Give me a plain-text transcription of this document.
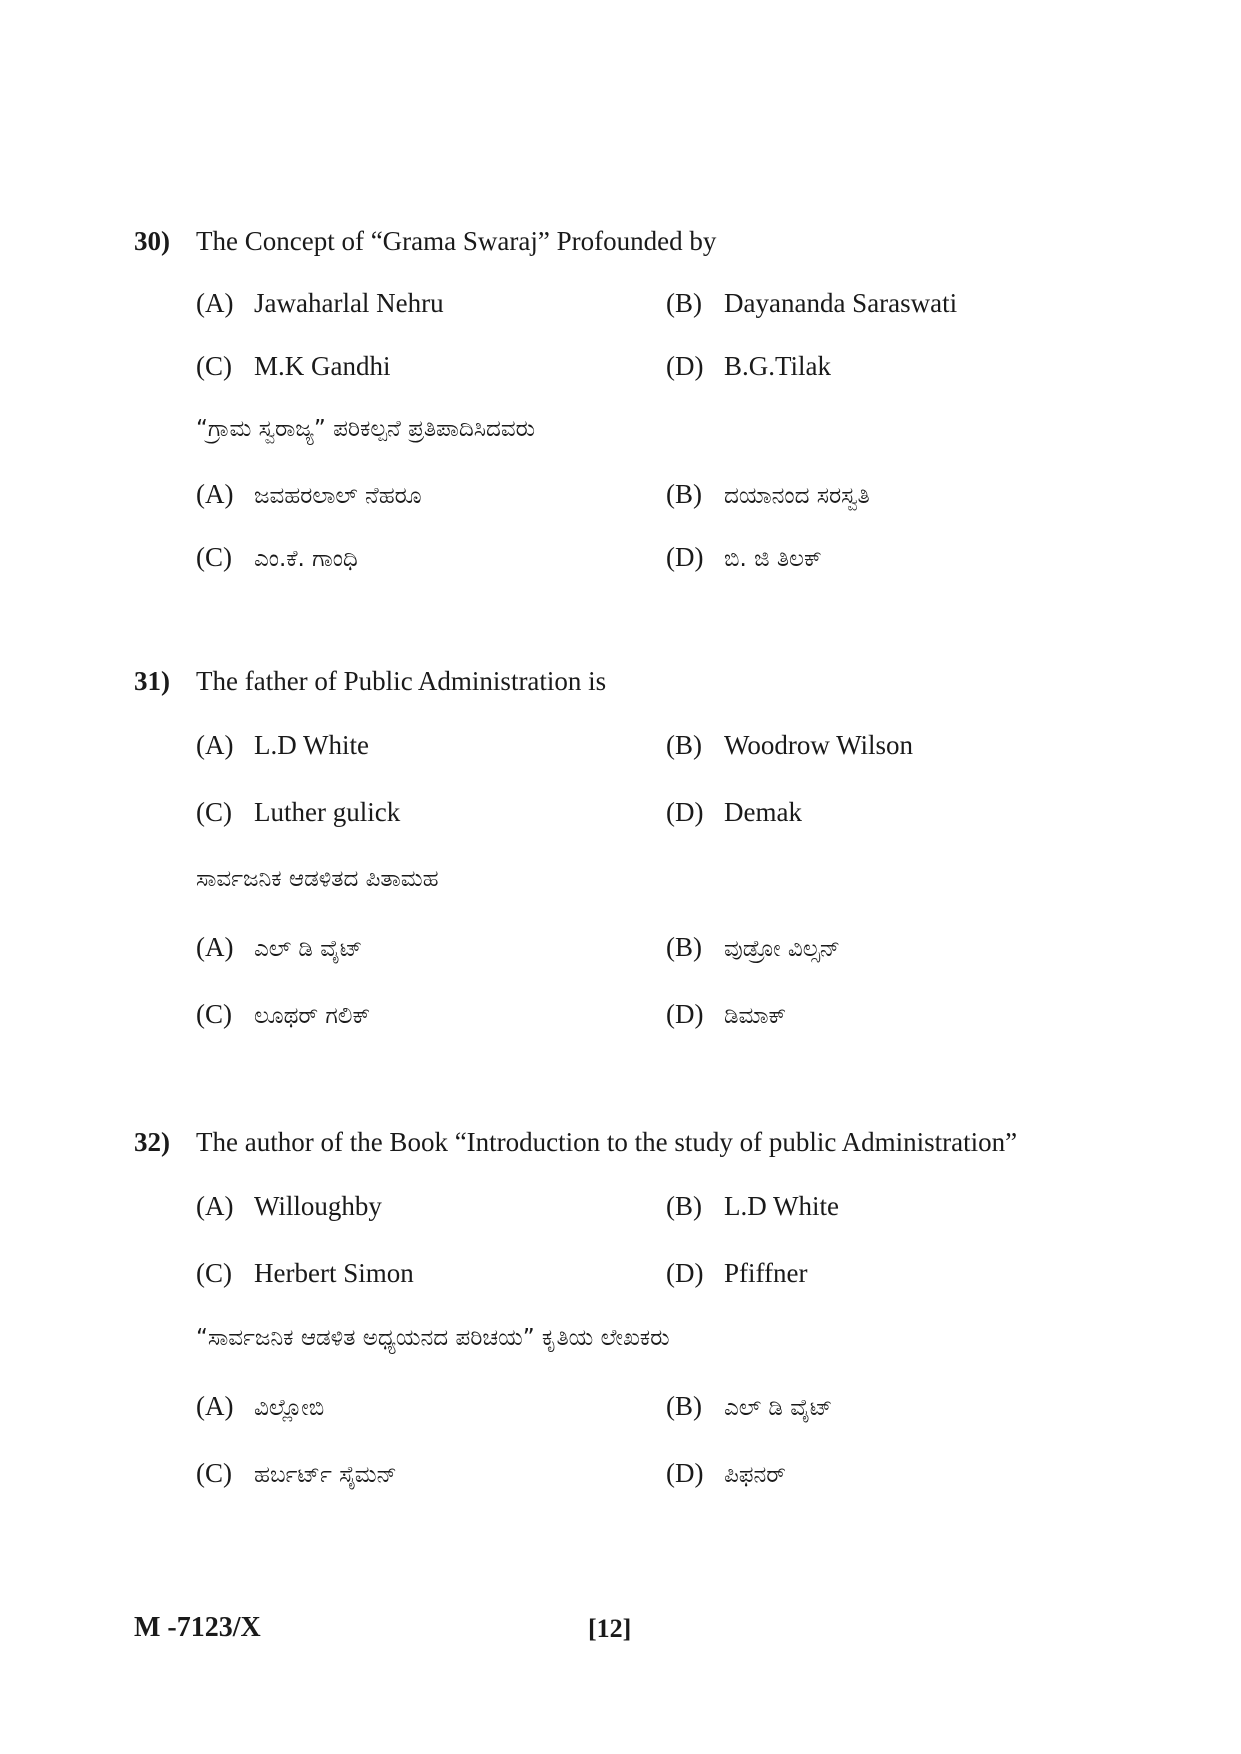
30) The Concept of “Grama Swaraj” Profounded by
(A) Jawaharlal Nehru	(B) Dayananda Saraswati
(C) M.K Gandhi	(D) B.G.Tilak
“ಗ್ರಾಮ ಸ್ವರಾಜ್ಯ” ಪರಿಕಲ್ಪನೆ ಪ್ರತಿಪಾದಿಸಿದವರು
(A) ಜವಹರಲಾಲ್ ನೆಹರೂ	(B) ದಯಾನಂದ ಸರಸ್ವತಿ
(C) ಎಂ.ಕೆ. ಗಾಂಧಿ	(D) ಬಿ. ಜಿ ತಿಲಕ್
31) The father of Public Administration is
(A) L.D White	(B) Woodrow Wilson
(C) Luther gulick	(D) Demak
ಸಾರ್ವಜನಿಕ ಆಡಳಿತದ ಪಿತಾಮಹ
(A) ಎಲ್ ಡಿ ವೈಟ್	(B) ವುಡ್ರೋ ವಿಲ್ಸನ್
(C) ಲೂಥರ್ ಗಲಿಕ್	(D) ಡಿಮಾಕ್
32) The author of the Book “Introduction to the study of public Administration”
(A) Willoughby	(B) L.D White
(C) Herbert Simon	(D) Pfiffner
“ಸಾರ್ವಜನಿಕ ಆಡಳಿತ ಅಧ್ಯಯನದ ಪರಿಚಯ” ಕೃತಿಯ ಲೇಖಕರು
(A) ವಿಲ್ಲೋಬಿ	(B) ಎಲ್ ಡಿ ವೈಟ್
(C) ಹರ್ಬರ್ಟ್ ಸೈಮನ್	(D) ಪಿಫನರ್
M -7123/X	[12]
